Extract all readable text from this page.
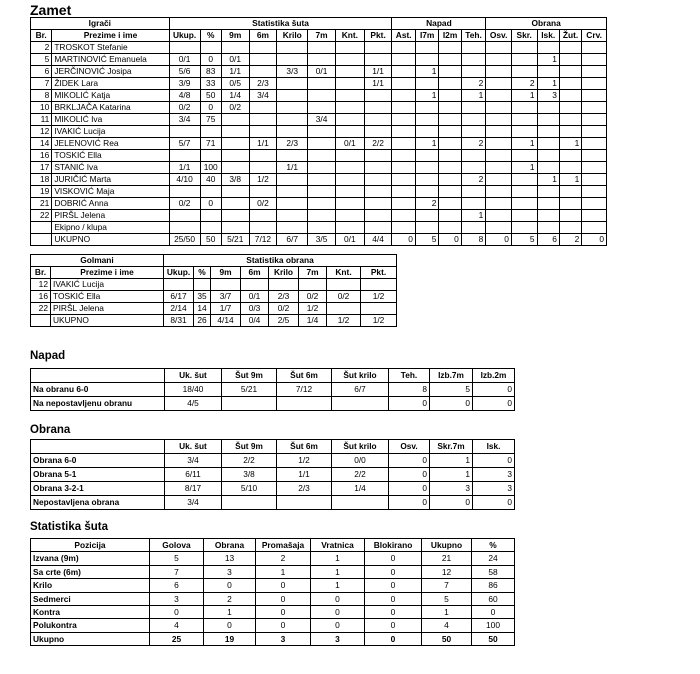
Zamet
Igrači		Statistika šuta								Napad				Obrana				
Br.	Prezime i ime	Ukup.	%	9m	6m	Krilo	7m	Knt.	Pkt.	Ast.	I7m	I2m	Teh.	Osv.	Skr.	Isk.	Žut.	Crv.
2	TROSKOT Stefanie																	
5	MARTINOVIĆ Emanuela	0/1	0	0/1												1		
6	JERČINOVIĆ Josipa	5/6	83	1/1		3/3	0/1		1/1		1							
7	ŽIDEK Lara	3/9	33	0/5	2/3				1/1				2		2	1		
8	MIKOLIĆ Katja	4/8	50	1/4	3/4						1		1		1	3		
10	BRKLJAČA Katarina	0/2	0	0/2														
11	MIKOLIĆ Iva	3/4	75				3/4											
12	IVAKIĆ Lucija																	
14	JELENOVIĆ Rea	5/7	71		1/1	2/3		0/1	2/2		1		2		1		1	
16	TOSKIĆ Ella																	
17	STANIĆ Iva	1/1	100			1/1									1			
18	JURIČIĆ Marta	4/10	40	3/8	1/2								2			1	1	
19	VISKOVIĆ Maja																	
21	DOBRIĆ Anna	0/2	0		0/2						2							
22	PIRŠL Jelena												1					
	Ekipno / klupa																	
	UKUPNO	25/50	50	5/21	7/12	6/7	3/5	0/1	4/4	0	5	0	8	0	5	6	2	0
Golmani		Statistika obrana							
Br.	Prezime i ime	Ukup.	%	9m	6m	Krilo	7m	Knt.	Pkt.
12	IVAKIĆ Lucija								
16	TOSKIĆ Ella	6/17	35	3/7	0/1	2/3	0/2	0/2	1/2
22	PIRŠL Jelena	2/14	14	1/7	0/3	0/2	1/2		
	UKUPNO	8/31	26	4/14	0/4	2/5	1/4	1/2	1/2
Napad
	Uk. šut	Šut 9m	Šut 6m	Šut krilo	Teh.	Izb.7m	Izb.2m
Na obranu 6-0	18/40	5/21	7/12	6/7	8	5	0
Na nepostavljenu obranu	4/5				0	0	0
Obrana
	Uk. šut	Šut 9m	Šut 6m	Šut krilo	Osv.	Skr.7m	Isk.
Obrana 6-0	3/4	2/2	1/2	0/0	0	1	0
Obrana 5-1	6/11	3/8	1/1	2/2	0	1	3
Obrana 3-2-1	8/17	5/10	2/3	1/4	0	3	3
Nepostavljena obrana	3/4				0	0	0
Statistika šuta
Pozicija	Golova	Obrana	Promašaja	Vratnica	Blokirano	Ukupno	%
Izvana (9m)	5	13	2	1	0	21	24
Sa crte (6m)	7	3	1	1	0	12	58
Krilo	6	0	0	1	0	7	86
Sedmerci	3	2	0	0	0	5	60
Kontra	0	1	0	0	0	1	0
Polukontra	4	0	0	0	0	4	100
Ukupno	25	19	3	3	0	50	50
